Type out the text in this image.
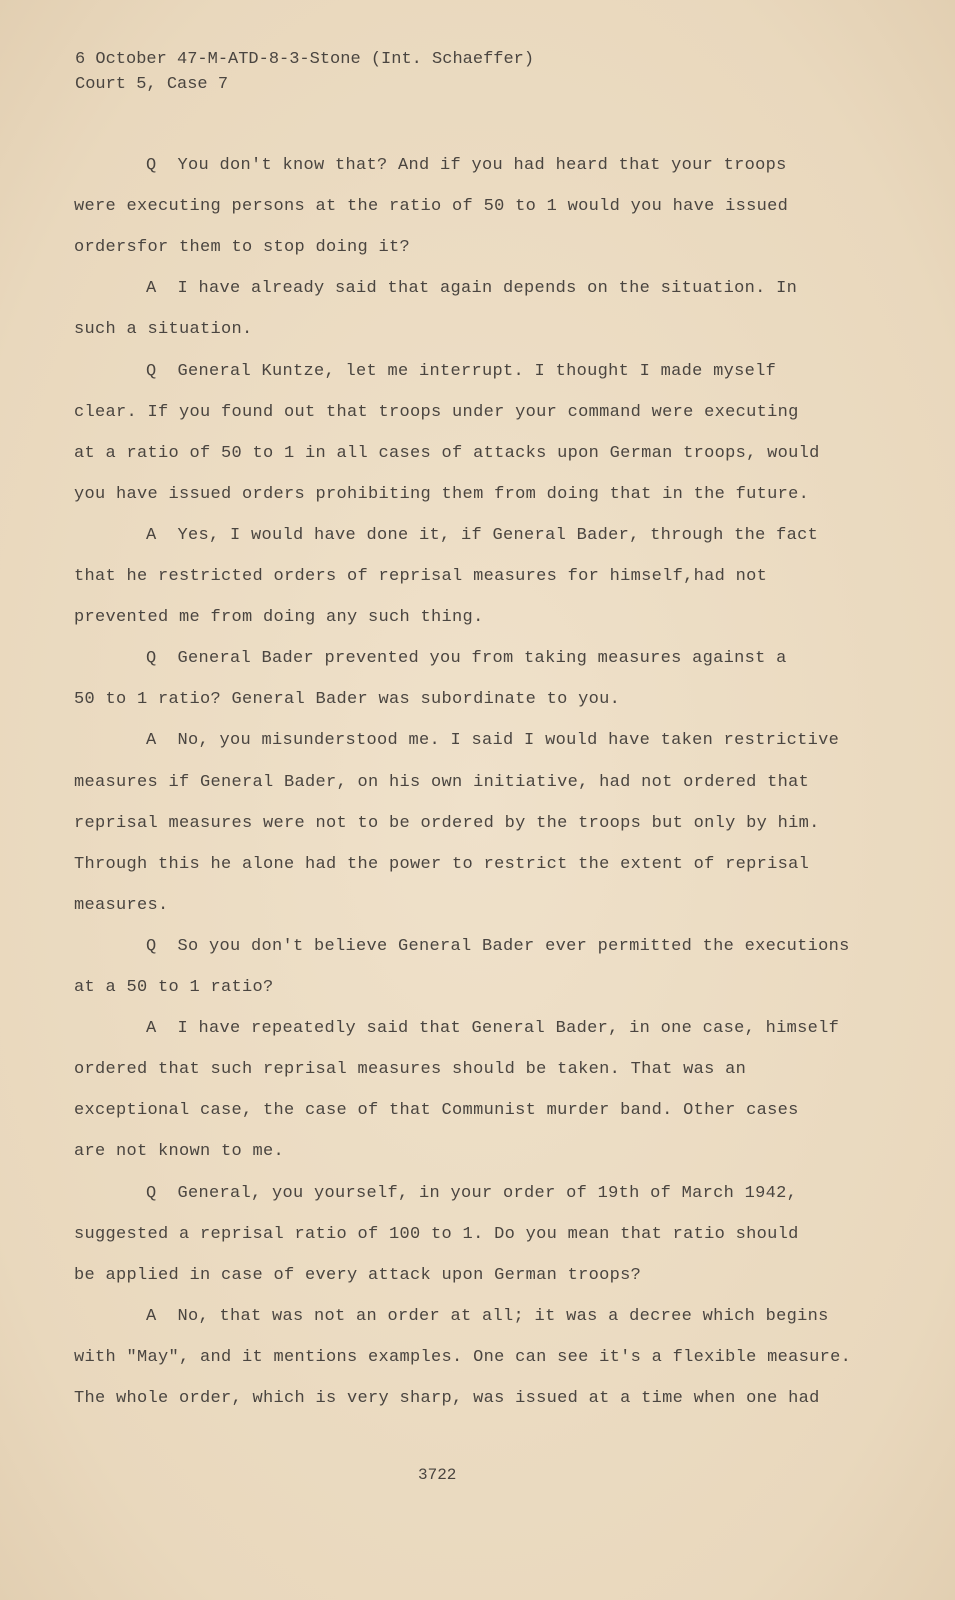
6 October 47-M-ATD-8-3-Stone (Int. Schaeffer)
Court 5, Case 7
Q  You don't know that? And if you had heard that your troops
were executing persons at the ratio of 50 to 1 would you have issued
ordersfor them to stop doing it?
A  I have already said that again depends on the situation. In
such a situation.
Q  General Kuntze, let me interrupt. I thought I made myself
clear. If you found out that troops under your command were executing
at a ratio of 50 to 1 in all cases of attacks upon German troops, would
you have issued orders prohibiting them from doing that in the future.
A  Yes, I would have done it, if General Bader, through the fact
that he restricted orders of reprisal measures for himself,had not
prevented me from doing any such thing.
Q  General Bader prevented you from taking measures against a
50 to 1 ratio? General Bader was subordinate to you.
A  No, you misunderstood me. I said I would have taken restrictive
measures if General Bader, on his own initiative, had not ordered that
reprisal measures were not to be ordered by the troops but only by him.
Through this he alone had the power to restrict the extent of reprisal
measures.
Q  So you don't believe General Bader ever permitted the executions
at a 50 to 1 ratio?
A  I have repeatedly said that General Bader, in one case, himself
ordered that such reprisal measures should be taken. That was an
exceptional case, the case of that Communist murder band. Other cases
are not known to me.
Q  General, you yourself, in your order of 19th of March 1942,
suggested a reprisal ratio of 100 to 1. Do you mean that ratio should
be applied in case of every attack upon German troops?
A  No, that was not an order at all; it was a decree which begins
with "May", and it mentions examples. One can see it's a flexible measure.
The whole order, which is very sharp, was issued at a time when one had
3722
